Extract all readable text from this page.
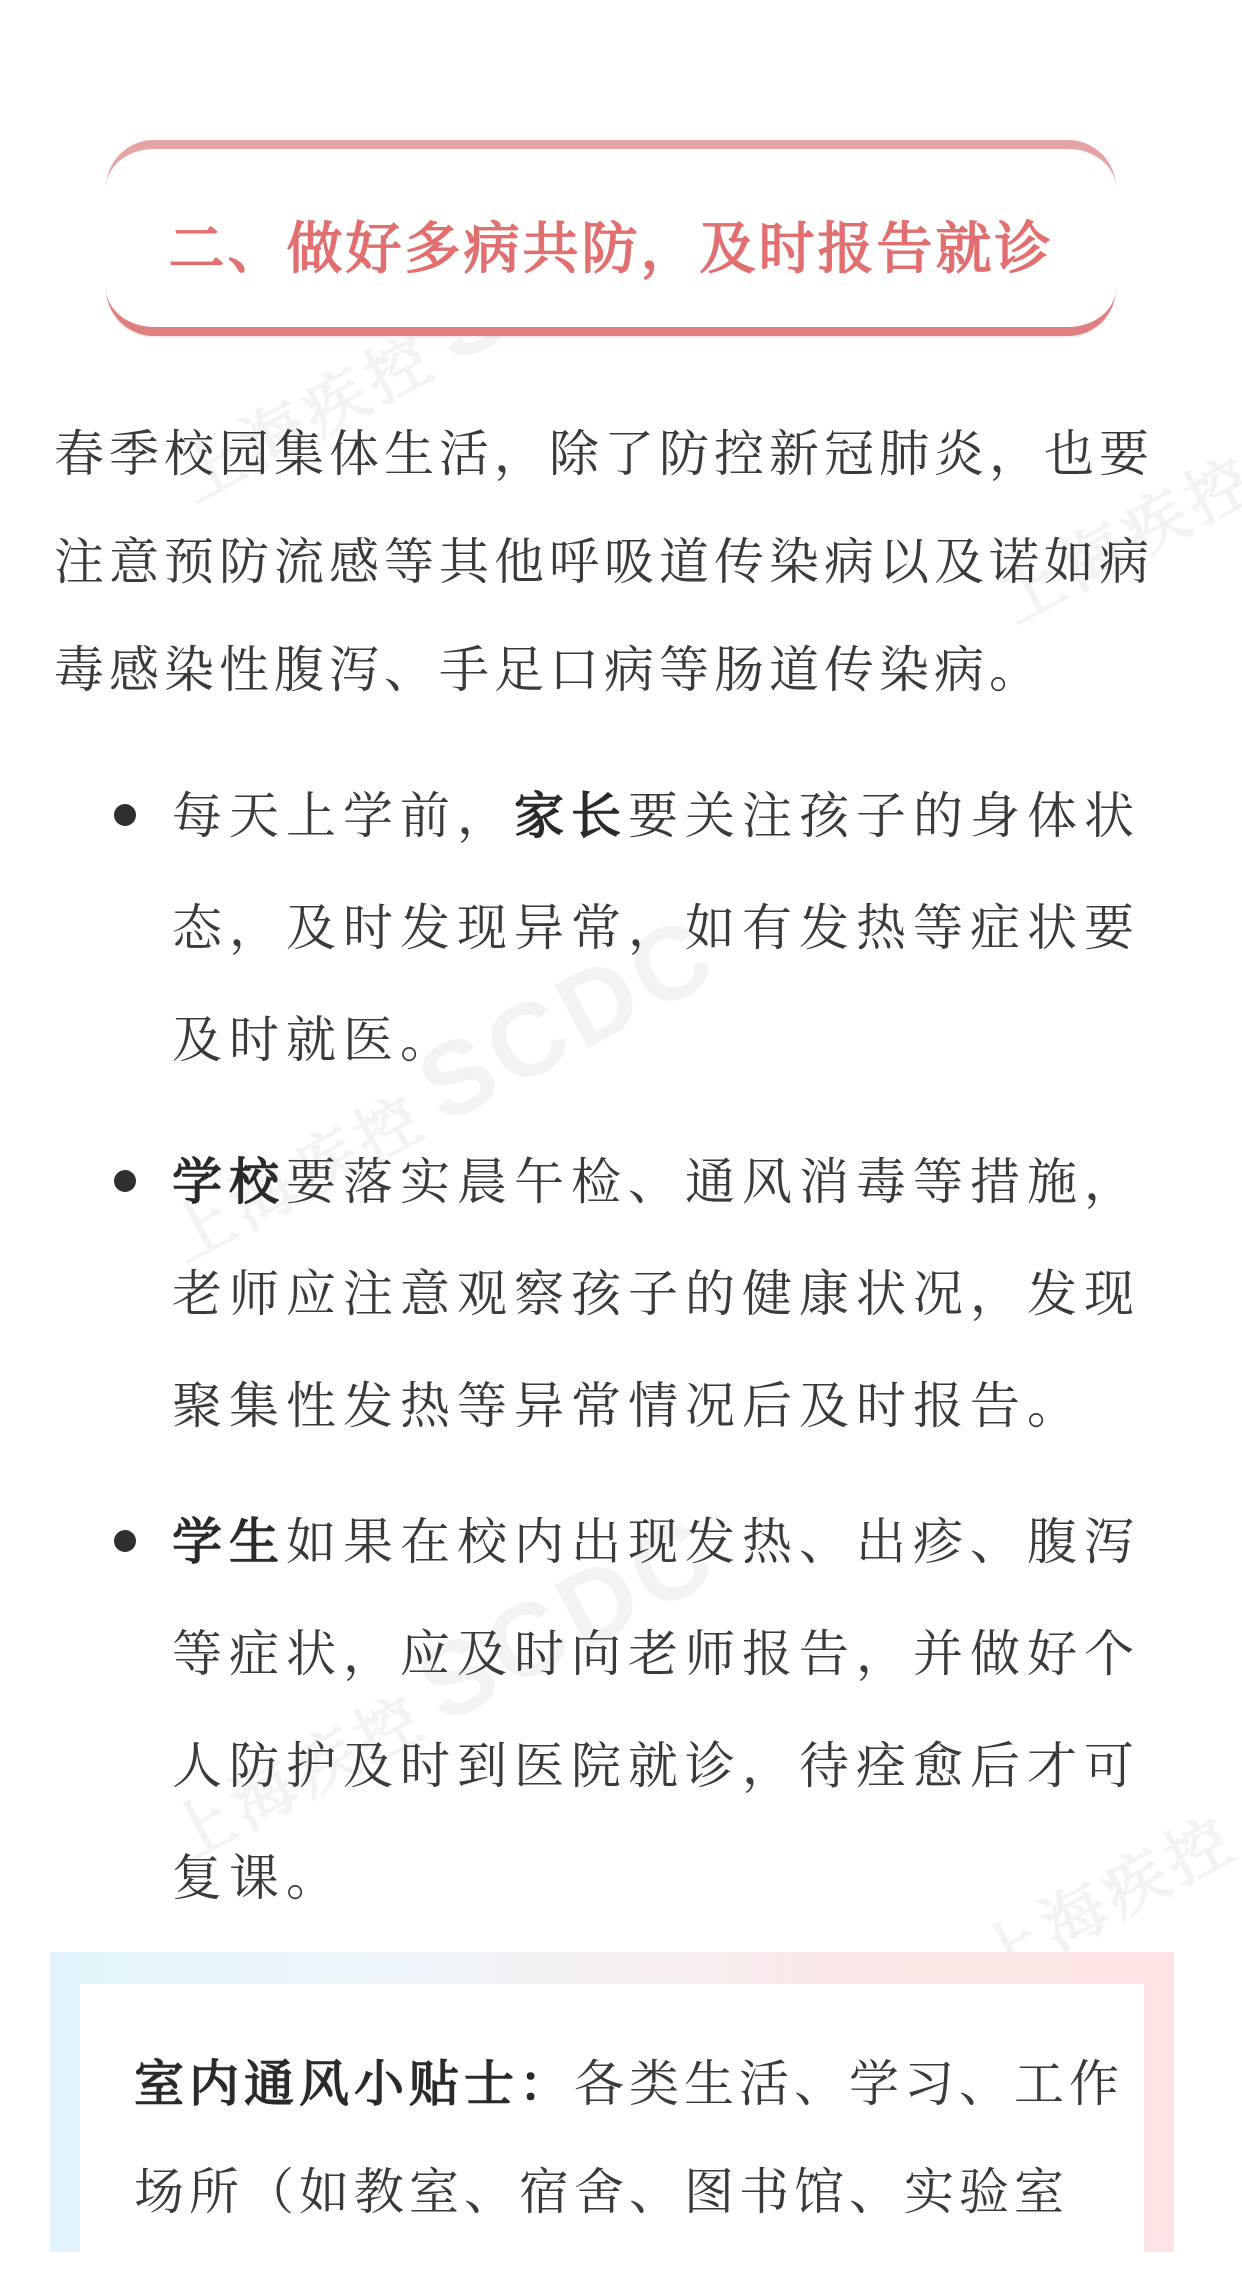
二、做好多病共防，及时报告就诊

春季校园集体生活，除了防控新冠肺炎，也要注意预防流感等其他呼吸道传染病以及诺如病毒感染性腹泻、手足口病等肠道传染病。

每天上学前，家长要关注孩子的身体状态，及时发现异常，如有发热等症状要及时就医。
学校要落实晨午检、通风消毒等措施，老师应注意观察孩子的健康状况，发现聚集性发热等异常情况后及时报告。
学生如果在校内出现发热、出疹、腹泻等症状，应及时向老师报告，并做好个人防护及时到医院就诊，待痊愈后才可复课。

室内通风小贴士：各类生活、学习、工作场所（如教室、宿舍、图书馆、实验室
